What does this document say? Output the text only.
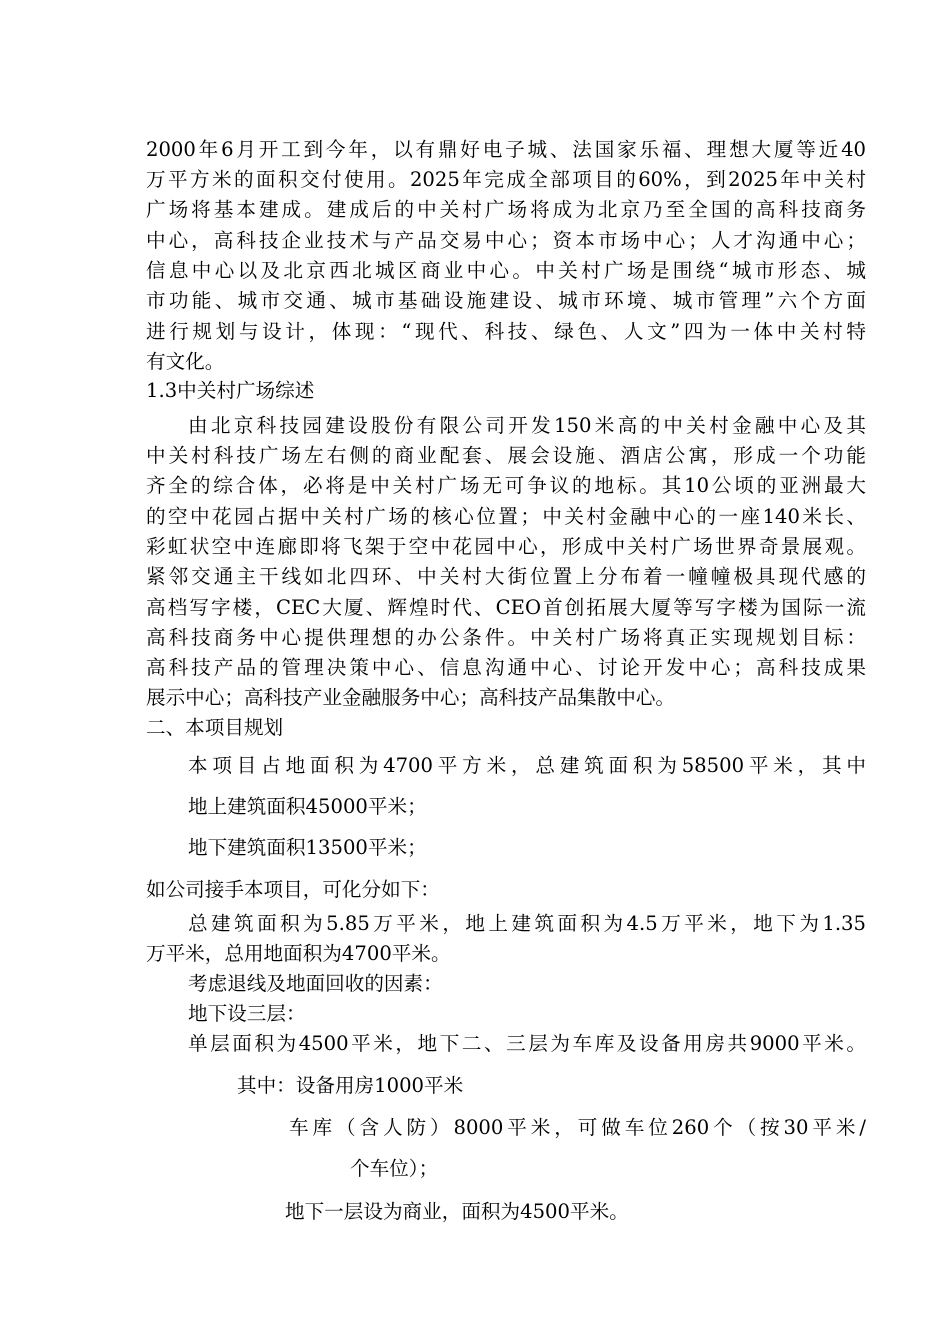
2000年6月开工到今年，以有鼎好电子城、法国家乐福、理想大厦等近40
万平方米的面积交付使用。2025年完成全部项目的60%，到2025年中关村
广场将基本建成。建成后的中关村广场将成为北京乃至全国的高科技商务
中心，高科技企业技术与产品交易中心；资本市场中心；人才沟通中心；
信息中心以及北京西北城区商业中心。中关村广场是围绕“城市形态、城
市功能、城市交通、城市基础设施建设、城市环境、城市管理”六个方面
进行规划与设计，体现：“现代、科技、绿色、人文”四为一体中关村特
有文化。
1.3中关村广场综述
由北京科技园建设股份有限公司开发150米高的中关村金融中心及其
中关村科技广场左右侧的商业配套、展会设施、酒店公寓，形成一个功能
齐全的综合体，必将是中关村广场无可争议的地标。其10公顷的亚洲最大
的空中花园占据中关村广场的核心位置；中关村金融中心的一座140米长、
彩虹状空中连廊即将飞架于空中花园中心，形成中关村广场世界奇景展观。
紧邻交通主干线如北四环、中关村大街位置上分布着一幢幢极具现代感的
高档写字楼，CEC大厦、辉煌时代、CEO首创拓展大厦等写字楼为国际一流
高科技商务中心提供理想的办公条件。中关村广场将真正实现规划目标：
高科技产品的管理决策中心、信息沟通中心、讨论开发中心；高科技成果
展示中心；高科技产业金融服务中心；高科技产品集散中心。
二、本项目规划
本项目占地面积为4700平方米，总建筑面积为58500平米，其中
地上建筑面积45000平米；
地下建筑面积13500平米；
如公司接手本项目，可化分如下：
总建筑面积为5.85万平米，地上建筑面积为4.5万平米，地下为1.35
万平米，总用地面积为4700平米。
考虑退线及地面回收的因素：
地下设三层：
单层面积为4500平米，地下二、三层为车库及设备用房共9000平米。
其中：设备用房1000平米
车库（含人防）8000平米，可做车位260个（按30平米/
个车位）；
地下一层设为商业，面积为4500平米。
